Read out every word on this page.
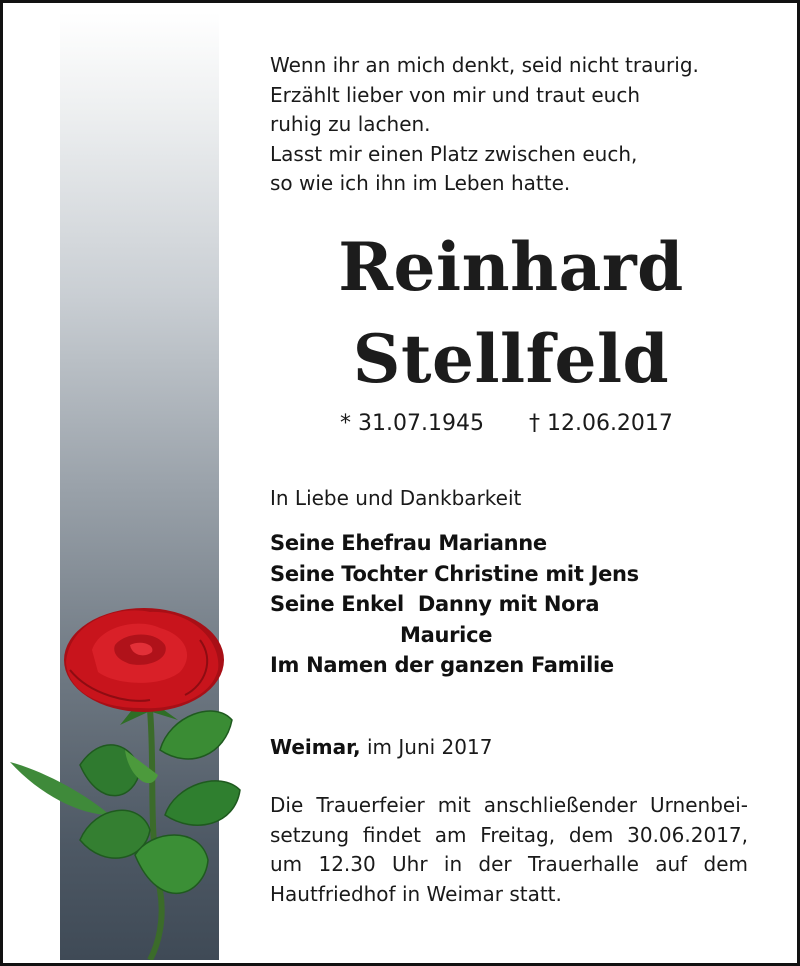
Wenn ihr an mich denkt, seid nicht traurig.
Erzählt lieber von mir und traut euch
ruhig zu lachen.
Lasst mir einen Platz zwischen euch,
so wie ich ihn im Leben hatte.
Reinhard
Stellfeld
* 31.07.1945 † 12.06.2017
In Liebe und Dankbarkeit
Seine Ehefrau Marianne
Seine Tochter Christine mit Jens
Seine Enkel  Danny mit Nora
Maurice
Im Namen der ganzen Familie
Weimar, im Juni 2017
Die Trauerfeier mit anschließender Urnenbei-
setzung findet am Freitag, dem 30.06.2017,
um 12.30 Uhr in der Trauerhalle auf dem
Hautfriedhof in Weimar statt.
